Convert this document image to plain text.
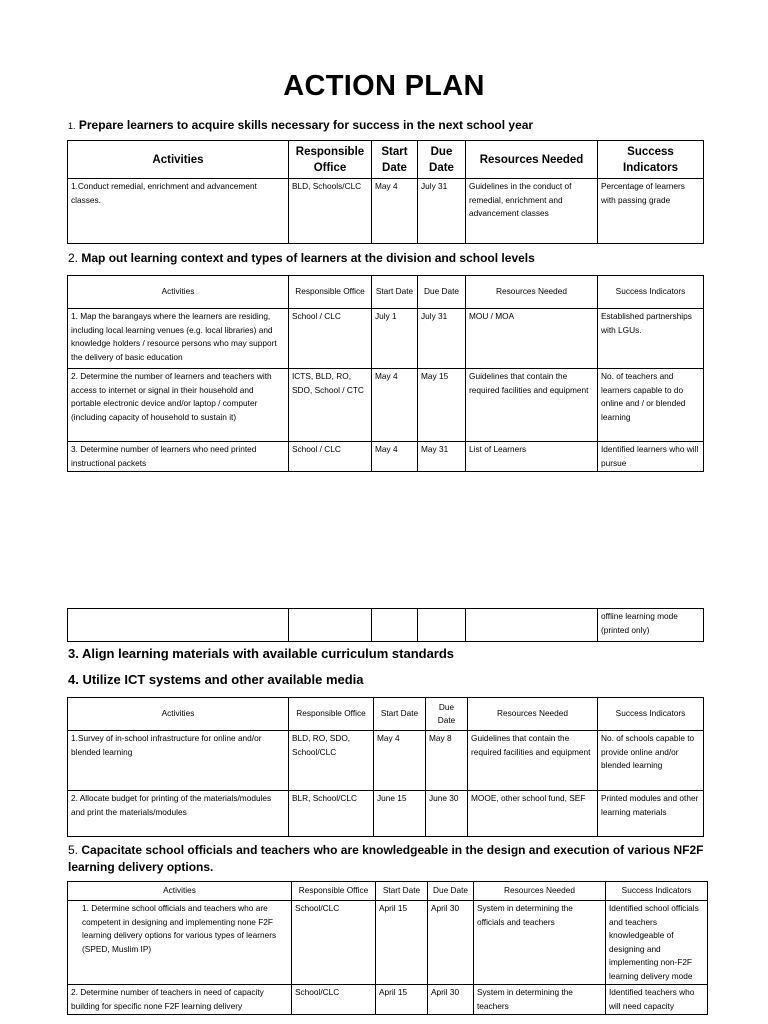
ACTION PLAN
1. Prepare learners to acquire skills necessary for success in the next school year
Activities	Responsible Office	Start Date	Due Date	Resources Needed	Success Indicators
1.Conduct remedial, enrichment and advancement classes.	BLD, Schools/CLC	May 4	July 31	Guidelines in the conduct of remedial, enrichment and advancement classes	Percentage of learners with passing grade
2. Map out learning context and types of learners at the division and school levels
Activities	Responsible Office	Start Date	Due Date	Resources Needed	Success Indicators
1. Map the barangays where the learners are residing, including local learning venues (e.g. local libraries) and knowledge holders / resource persons who may support the delivery of basic education	School / CLC	July 1	July 31	MOU / MOA	Established partnerships with LGUs.
2. Determine the number of learners and teachers with access to internet or signal in their household and portable electronic device and/or laptop / computer (including capacity of household to sustain it)	ICTS, BLD, RO, SDO, School / CTC	May 4	May 15	Guidelines that contain the required facilities and equipment	No. of teachers and learners capable to do online and / or blended learning
3. Determine number of learners who need printed instructional packets	School / CLC	May 4	May 31	List of Learners	Identified learners who will pursue
					offline learning mode (printed only)
3. Align learning materials with available curriculum standards
4. Utilize ICT systems and other available media
Activities	Responsible Office	Start Date	Due Date	Resources Needed	Success Indicators
1.Survey of in-school infrastructure for online and/or blended learning	BLD, RO, SDO, School/CLC	May 4	May 8	Guidelines that contain the required facilities and equipment	No. of schools capable to provide online and/or blended learning
2. Allocate budget for printing of the materials/modules and print the materials/modules	BLR, School/CLC	June 15	June 30	MOOE, other school fund, SEF	Printed modules and other learning materials
5. Capacitate school officials and teachers who are knowledgeable in the design and execution of various NF2F learning delivery options.
Activities	Responsible Office	Start Date	Due Date	Resources Needed	Success Indicators
1. Determine school officials and teachers who are competent in designing and implementing none F2F learning delivery options for various types of learners (SPED, Muslim IP)	School/CLC	April 15	April 30	System in determining the officials and teachers	Identified school officials and teachers knowledgeable of designing and implementing non-F2F learning delivery mode
2. Determine number of teachers in need of capacity building for specific none F2F learning delivery	School/CLC	April 15	April 30	System in determining the teachers	Identified teachers who will need capacity
